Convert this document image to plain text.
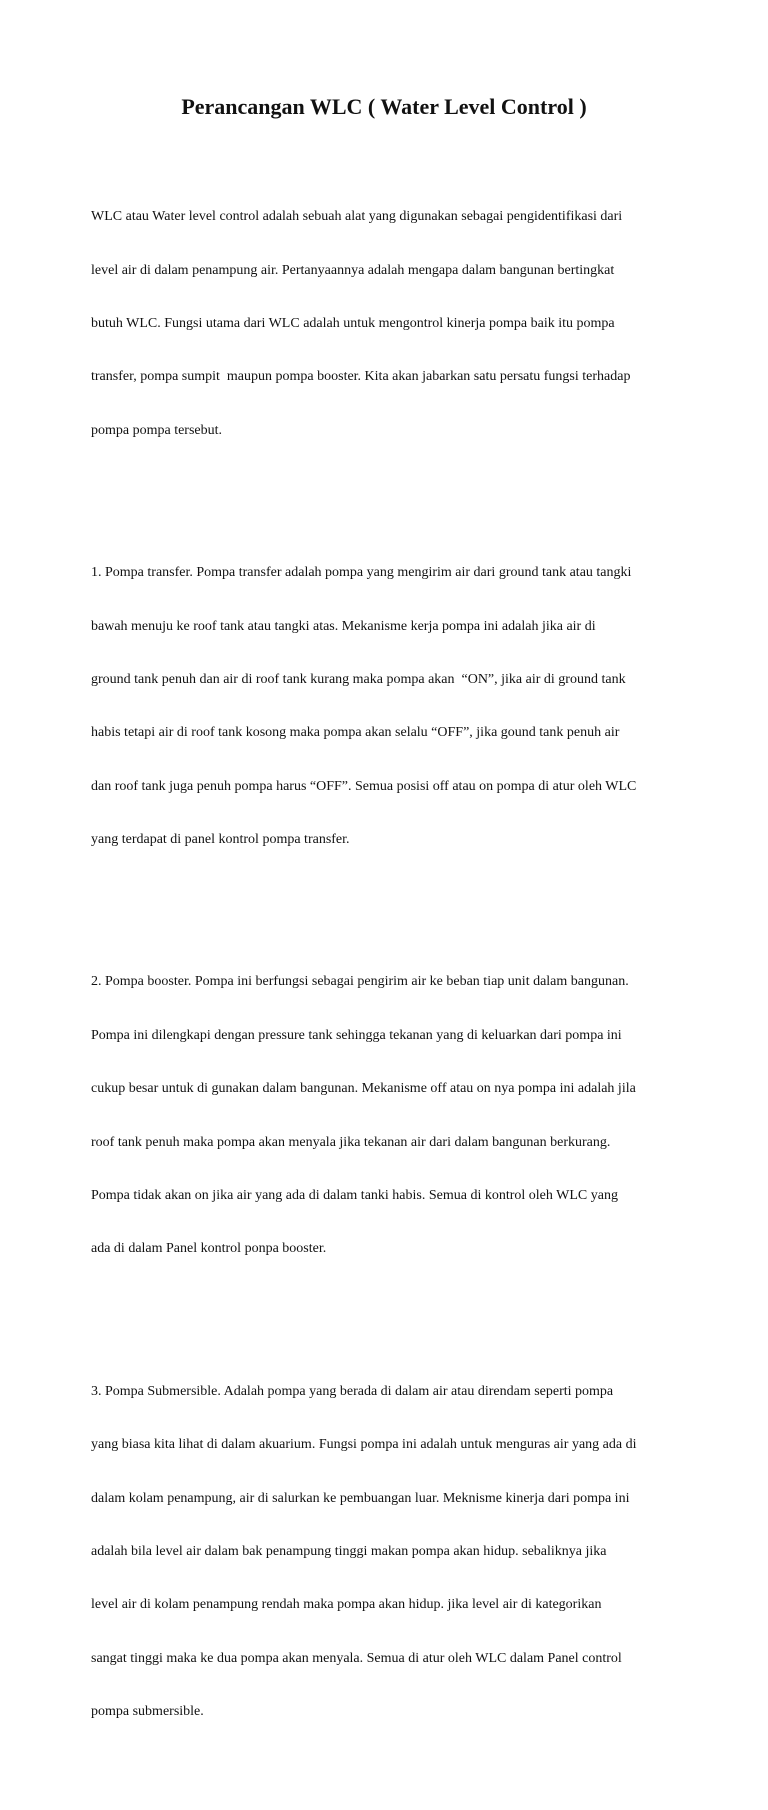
Perancangan WLC ( Water Level Control )

WLC atau Water level control adalah sebuah alat yang digunakan sebagai pengidentifikasi dari

level air di dalam penampung air. Pertanyaannya adalah mengapa dalam bangunan bertingkat

butuh WLC. Fungsi utama dari WLC adalah untuk mengontrol kinerja pompa baik itu pompa

transfer, pompa sumpit  maupun pompa booster. Kita akan jabarkan satu persatu fungsi terhadap

pompa pompa tersebut.

1. Pompa transfer. Pompa transfer adalah pompa yang mengirim air dari ground tank atau tangki

bawah menuju ke roof tank atau tangki atas. Mekanisme kerja pompa ini adalah jika air di

ground tank penuh dan air di roof tank kurang maka pompa akan  “ON”, jika air di ground tank

habis tetapi air di roof tank kosong maka pompa akan selalu “OFF”, jika gound tank penuh air

dan roof tank juga penuh pompa harus “OFF”. Semua posisi off atau on pompa di atur oleh WLC

yang terdapat di panel kontrol pompa transfer.

2. Pompa booster. Pompa ini berfungsi sebagai pengirim air ke beban tiap unit dalam bangunan.

Pompa ini dilengkapi dengan pressure tank sehingga tekanan yang di keluarkan dari pompa ini

cukup besar untuk di gunakan dalam bangunan. Mekanisme off atau on nya pompa ini adalah jila

roof tank penuh maka pompa akan menyala jika tekanan air dari dalam bangunan berkurang.

Pompa tidak akan on jika air yang ada di dalam tanki habis. Semua di kontrol oleh WLC yang

ada di dalam Panel kontrol ponpa booster.

3. Pompa Submersible. Adalah pompa yang berada di dalam air atau direndam seperti pompa

yang biasa kita lihat di dalam akuarium. Fungsi pompa ini adalah untuk menguras air yang ada di

dalam kolam penampung, air di salurkan ke pembuangan luar. Meknisme kinerja dari pompa ini

adalah bila level air dalam bak penampung tinggi makan pompa akan hidup. sebaliknya jika

level air di kolam penampung rendah maka pompa akan hidup. jika level air di kategorikan

sangat tinggi maka ke dua pompa akan menyala. Semua di atur oleh WLC dalam Panel control

pompa submersible.
